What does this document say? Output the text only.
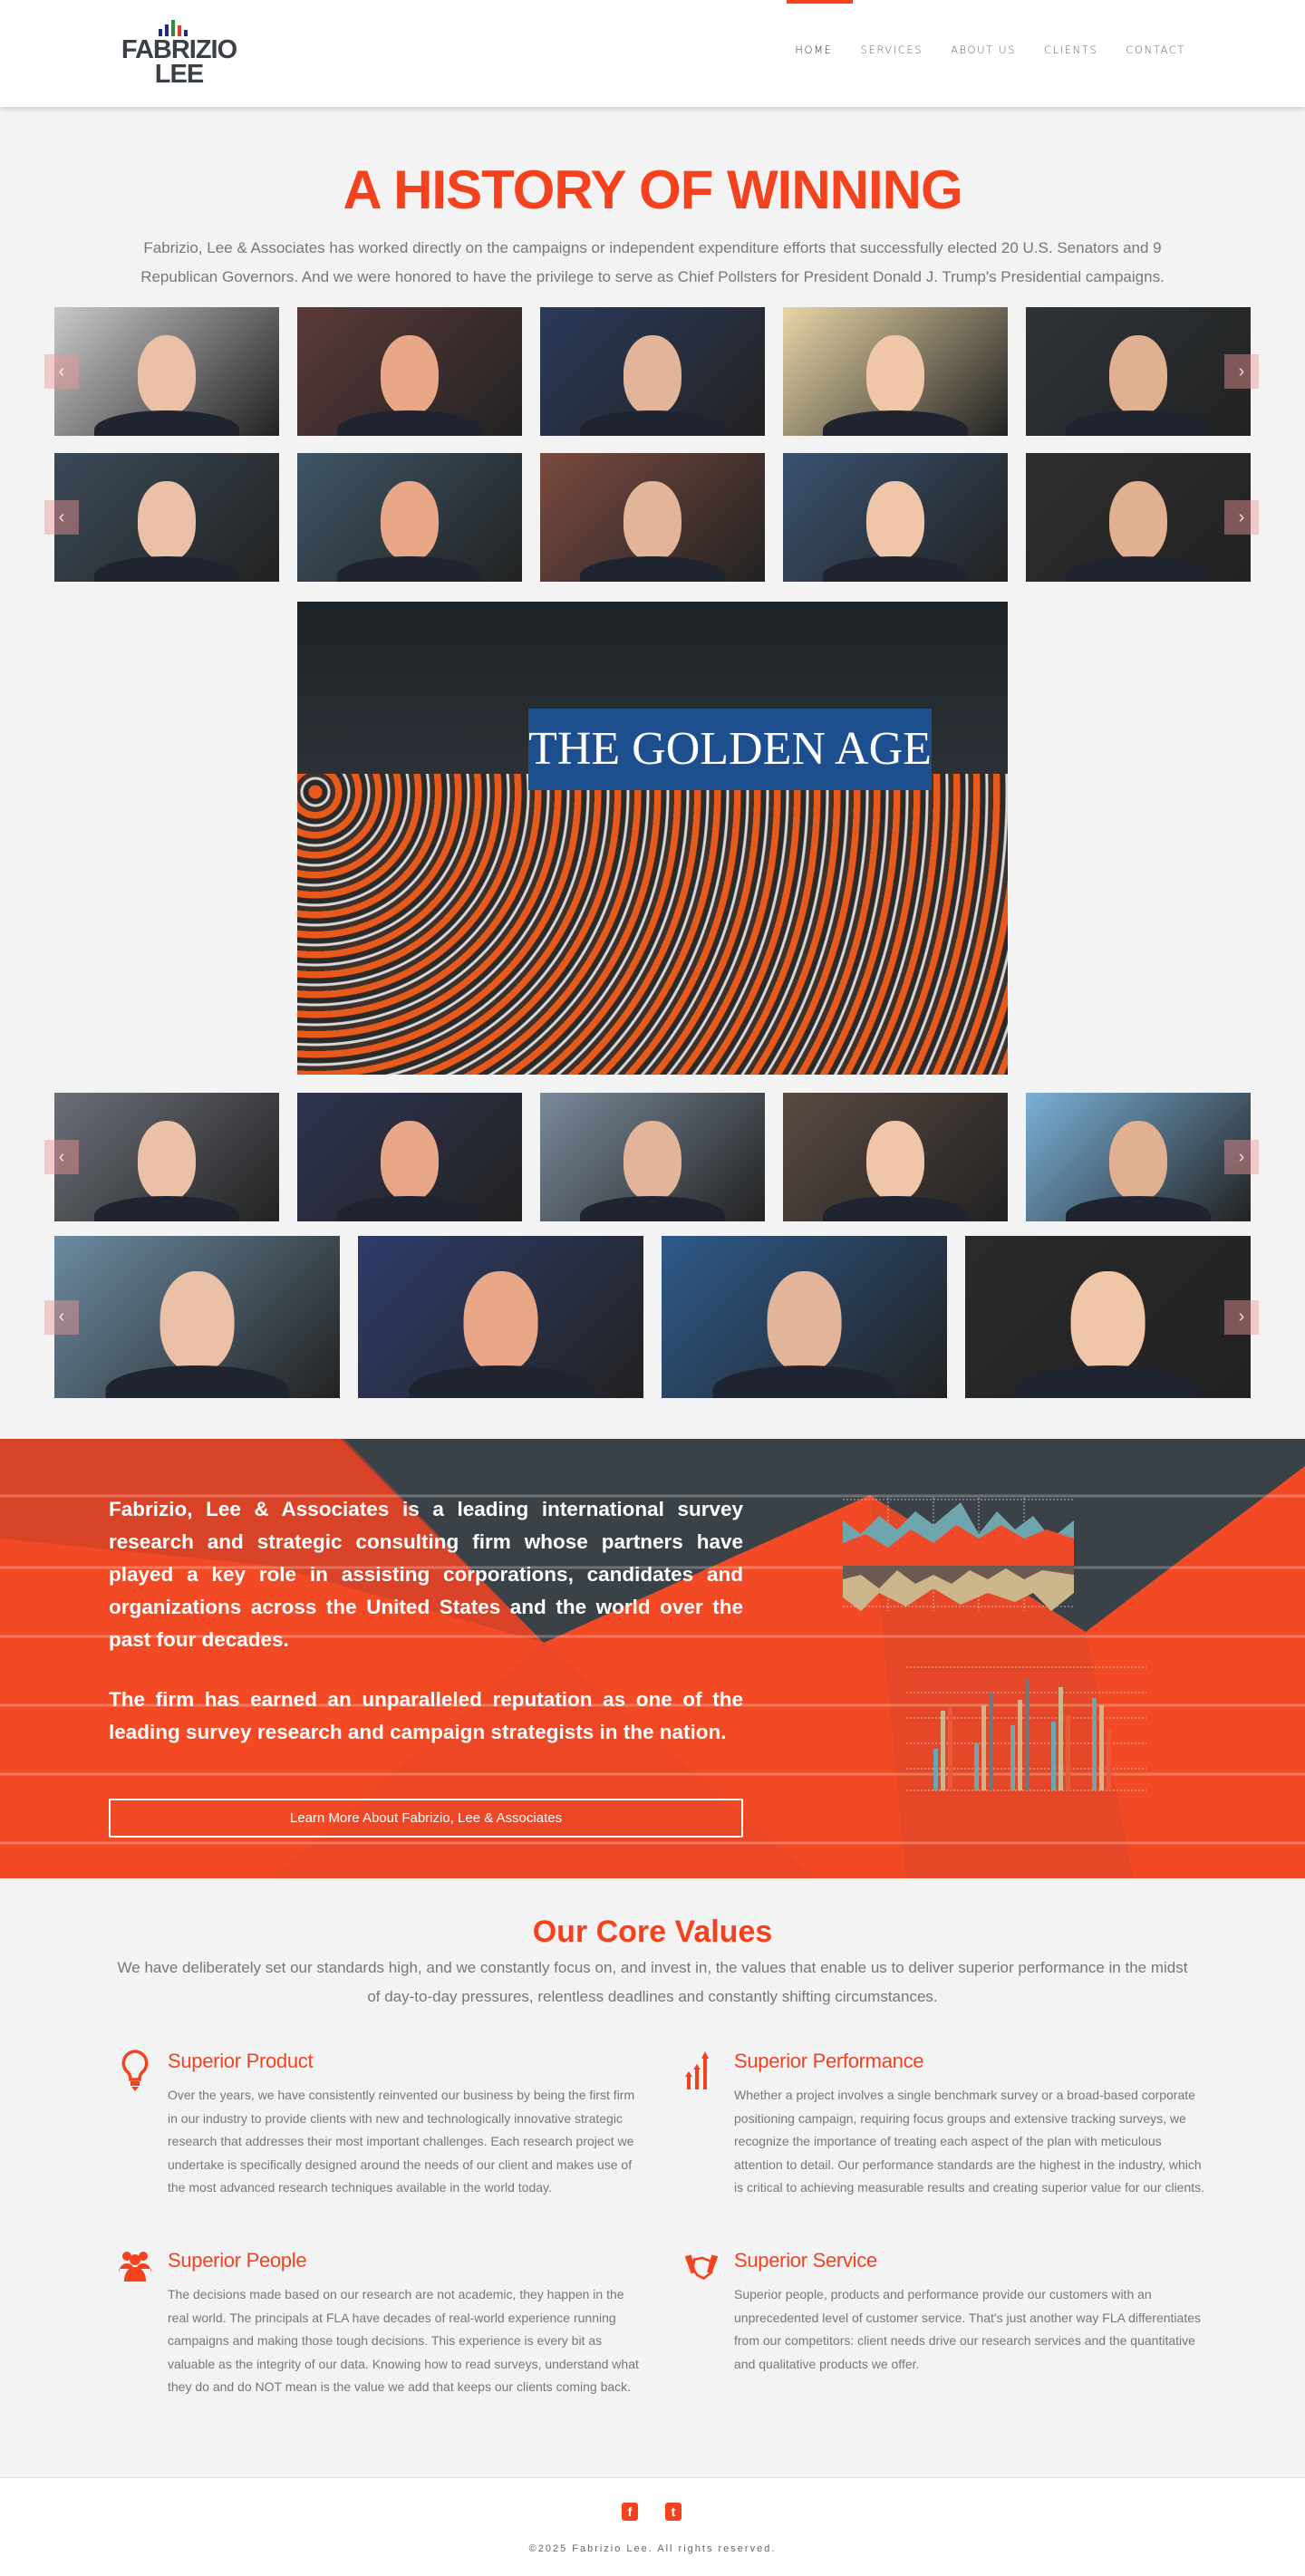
FABRIZIO
LEE
HOME	SERVICES	ABOUT US	CLIENTS	CONTACT
A HISTORY OF WINNING

Fabrizio, Lee & Associates has worked directly on the campaigns or independent expenditure efforts that successfully elected 20 U.S. Senators and 9 Republican Governors. And we were honored to have the privilege to serve as Chief Pollsters for President Donald J. Trump's Presidential campaigns.

‹	›
‹	›
‹	›
‹	›
THE GOLDEN AGE

Fabrizio, Lee & Associates is a leading international survey research and strategic consulting firm whose partners have played a key role in assisting corporations, candidates and organizations across the United States and the world over the past four decades.

The firm has earned an unparalleled reputation as one of the leading survey research and campaign strategists in the nation.

Learn More About Fabrizio, Lee & Associates
Our Core Values

We have deliberately set our standards high, and we constantly focus on, and invest in, the values that enable us to deliver superior performance in the midst of day-to-day pressures, relentless deadlines and constantly shifting circumstances.

Superior Product

Over the years, we have consistently reinvented our business by being the first firm in our industry to provide clients with new and technologically innovative strategic research that addresses their most important challenges. Each research project we undertake is specifically designed around the needs of our client and makes use of the most advanced research techniques available in the world today.

Superior Performance

Whether a project involves a single benchmark survey or a broad-based corporate positioning campaign, requiring focus groups and extensive tracking surveys, we recognize the importance of treating each aspect of the plan with meticulous attention to detail. Our performance standards are the highest in the industry, which is critical to achieving measurable results and creating superior value for our clients.

Superior People

The decisions made based on our research are not academic, they happen in the real world. The principals at FLA have decades of real-world experience running campaigns and making those tough decisions. This experience is every bit as valuable as the integrity of our data. Knowing how to read surveys, understand what they do and do NOT mean is the value we add that keeps our clients coming back.

Superior Service

Superior people, products and performance provide our customers with an unprecedented level of customer service. That's just another way FLA differentiates from our competitors: client needs drive our research services and the quantitative and qualitative products we offer.

f	t

©2025 Fabrizio Lee. All rights reserved.
